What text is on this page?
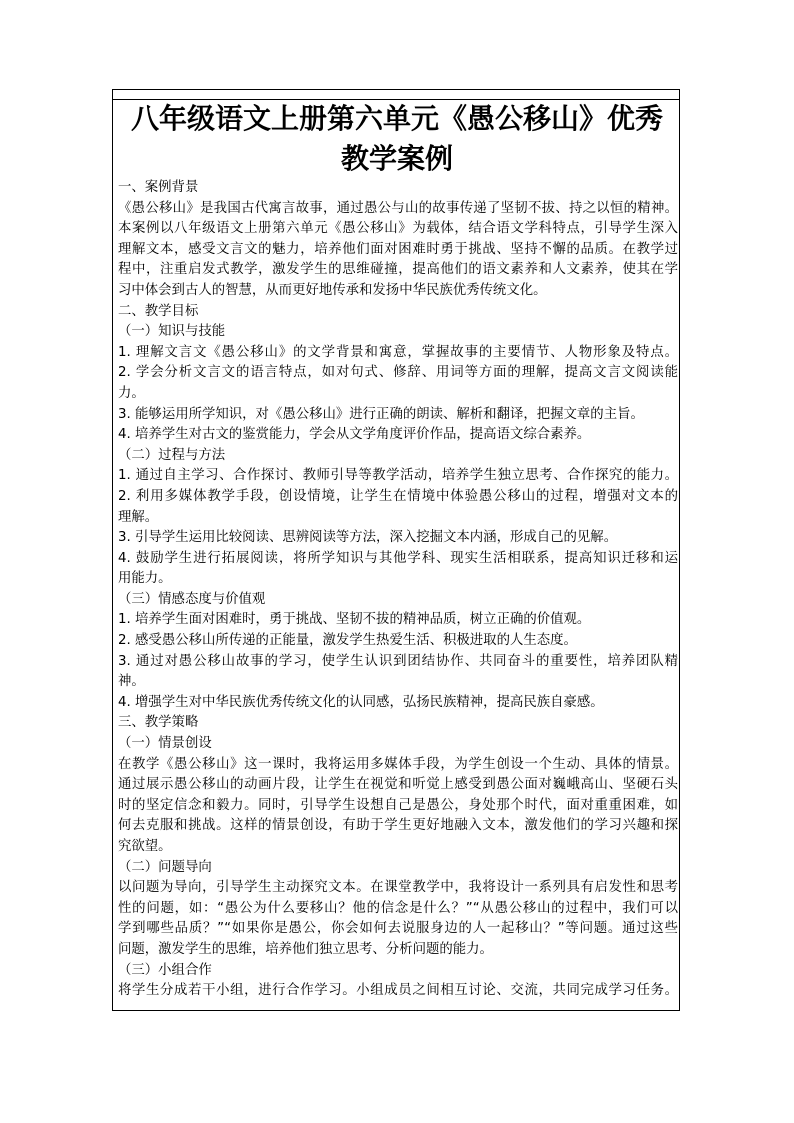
八年级语文上册第六单元《愚公移山》优秀
教学案例
一、案例背景
《愚公移山》是我国古代寓言故事，通过愚公与山的故事传递了坚韧不拔、持之以恒的精神。
本案例以八年级语文上册第六单元《愚公移山》为载体，结合语文学科特点，引导学生深入
理解文本，感受文言文的魅力，培养他们面对困难时勇于挑战、坚持不懈的品质。在教学过
程中，注重启发式教学，激发学生的思维碰撞，提高他们的语文素养和人文素养，使其在学
习中体会到古人的智慧，从而更好地传承和发扬中华民族优秀传统文化。
二、教学目标
（一）知识与技能
1. 理解文言文《愚公移山》的文学背景和寓意，掌握故事的主要情节、人物形象及特点。
2. 学会分析文言文的语言特点，如对句式、修辞、用词等方面的理解，提高文言文阅读能
力。
3. 能够运用所学知识，对《愚公移山》进行正确的朗读、解析和翻译，把握文章的主旨。
4. 培养学生对古文的鉴赏能力，学会从文学角度评价作品，提高语文综合素养。
（二）过程与方法
1. 通过自主学习、合作探讨、教师引导等教学活动，培养学生独立思考、合作探究的能力。
2. 利用多媒体教学手段，创设情境，让学生在情境中体验愚公移山的过程，增强对文本的
理解。
3. 引导学生运用比较阅读、思辨阅读等方法，深入挖掘文本内涵，形成自己的见解。
4. 鼓励学生进行拓展阅读，将所学知识与其他学科、现实生活相联系，提高知识迁移和运
用能力。
（三）情感态度与价值观
1. 培养学生面对困难时，勇于挑战、坚韧不拔的精神品质，树立正确的价值观。
2. 感受愚公移山所传递的正能量，激发学生热爱生活、积极进取的人生态度。
3. 通过对愚公移山故事的学习，使学生认识到团结协作、共同奋斗的重要性，培养团队精
神。
4. 增强学生对中华民族优秀传统文化的认同感，弘扬民族精神，提高民族自豪感。
三、教学策略
（一）情景创设
在教学《愚公移山》这一课时，我将运用多媒体手段，为学生创设一个生动、具体的情景。
通过展示愚公移山的动画片段，让学生在视觉和听觉上感受到愚公面对巍峨高山、坚硬石头
时的坚定信念和毅力。同时，引导学生设想自己是愚公，身处那个时代，面对重重困难，如
何去克服和挑战。这样的情景创设，有助于学生更好地融入文本，激发他们的学习兴趣和探
究欲望。
（二）问题导向
以问题为导向，引导学生主动探究文本。在课堂教学中，我将设计一系列具有启发性和思考
性的问题，如：“愚公为什么要移山？他的信念是什么？”“从愚公移山的过程中，我们可以
学到哪些品质？”“如果你是愚公，你会如何去说服身边的人一起移山？”等问题。通过这些
问题，激发学生的思维，培养他们独立思考、分析问题的能力。
（三）小组合作
将学生分成若干小组，进行合作学习。小组成员之间相互讨论、交流，共同完成学习任务。
